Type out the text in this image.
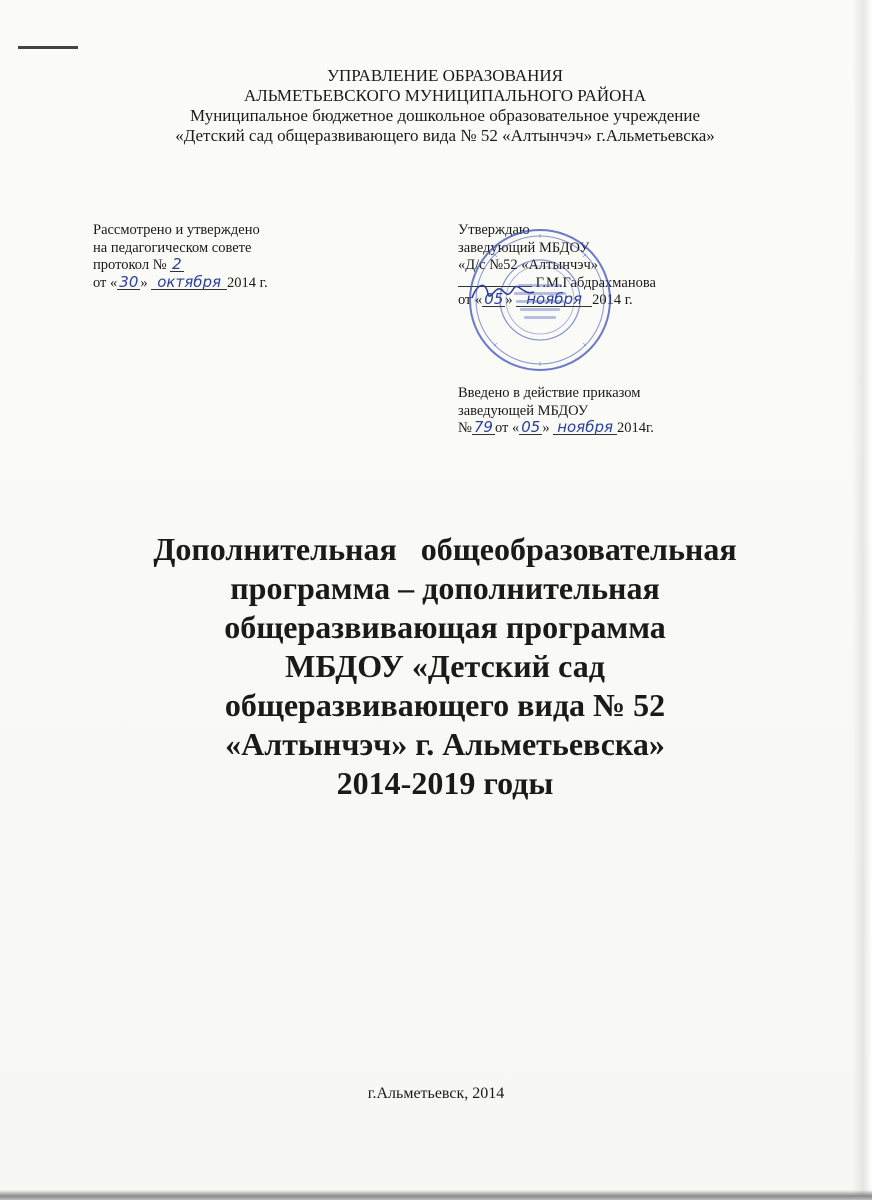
УПРАВЛЕНИЕ ОБРАЗОВАНИЯ
АЛЬМЕТЬЕВСКОГО МУНИЦИПАЛЬНОГО РАЙОНА
Муниципальное бюджетное дошкольное образовательное учреждение
«Детский сад общеразвивающего вида № 52 «Алтынчэч» г.Альметьевска»
Рассмотрено и утверждено
на педагогическом совете
протокол № 2
от « 30 » октября 2014 г.
Утверждаю
заведующий МБДОУ
«Д/с №52 «Алтынчэч»
Г.М.Габдрахманова
от « 05 » ноября 2014 г.
Введено в действие приказом
заведующей МБДОУ
№ 79 от « 05 » ноября 2014г.
Дополнительная   общеобразовательная
программа – дополнительная
общеразвивающая программа
МБДОУ «Детский сад
общеразвивающего вида № 52
«Алтынчэч» г. Альметьевска»
2014-2019 годы
г.Альметьевск, 2014
